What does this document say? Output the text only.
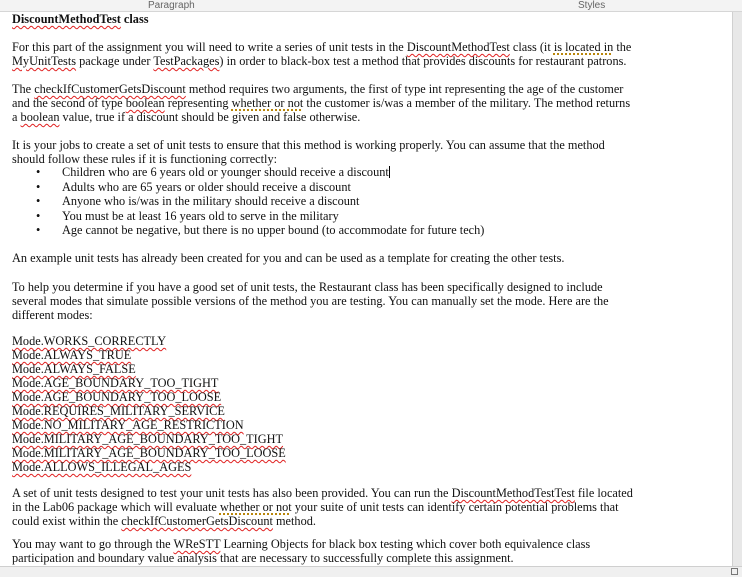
Paragraph	Styles
DiscountMethodTest class
For this part of the assignment you will need to write a series of unit tests in the DiscountMethodTest class (it is located in the MyUnitTests package under TestPackages) in order to black-box test a method that provides discounts for restaurant patrons.
The checkIfCustomerGetsDiscount method requires two arguments, the first of type int representing the age of the customer and the second of type boolean representing whether or not the customer is/was a member of the military. The method returns a boolean value, true if a discount should be given and false otherwise.
It is your jobs to create a set of unit tests to ensure that this method is working properly. You can assume that the method should follow these rules if it is functioning correctly:
• Children who are 6 years old or younger should receive a discount
• Adults who are 65 years or older should receive a discount
• Anyone who is/was in the military should receive a discount
• You must be at least 16 years old to serve in the military
• Age cannot be negative, but there is no upper bound (to accommodate for future tech)
An example unit tests has already been created for you and can be used as a template for creating the other tests.
To help you determine if you have a good set of unit tests, the Restaurant class has been specifically designed to include several modes that simulate possible versions of the method you are testing. You can manually set the mode. Here are the different modes:
Mode.WORKS_CORRECTLY
Mode.ALWAYS_TRUE
Mode.ALWAYS_FALSE
Mode.AGE_BOUNDARY_TOO_TIGHT
Mode.AGE_BOUNDARY_TOO_LOOSE
Mode.REQUIRES_MILITARY_SERVICE
Mode.NO_MILITARY_AGE_RESTRICTION
Mode.MILITARY_AGE_BOUNDARY_TOO_TIGHT
Mode.MILITARY_AGE_BOUNDARY_TOO_LOOSE
Mode.ALLOWS_ILLEGAL_AGES
A set of unit tests designed to test your unit tests has also been provided. You can run the DiscountMethodTestTest file located in the Lab06 package which will evaluate whether or not your suite of unit tests can identify certain potential problems that could exist within the checkIfCustomerGetsDiscount method.
You may want to go through the WReSTT Learning Objects for black box testing which cover both equivalence class participation and boundary value analysis that are necessary to successfully complete this assignment.
